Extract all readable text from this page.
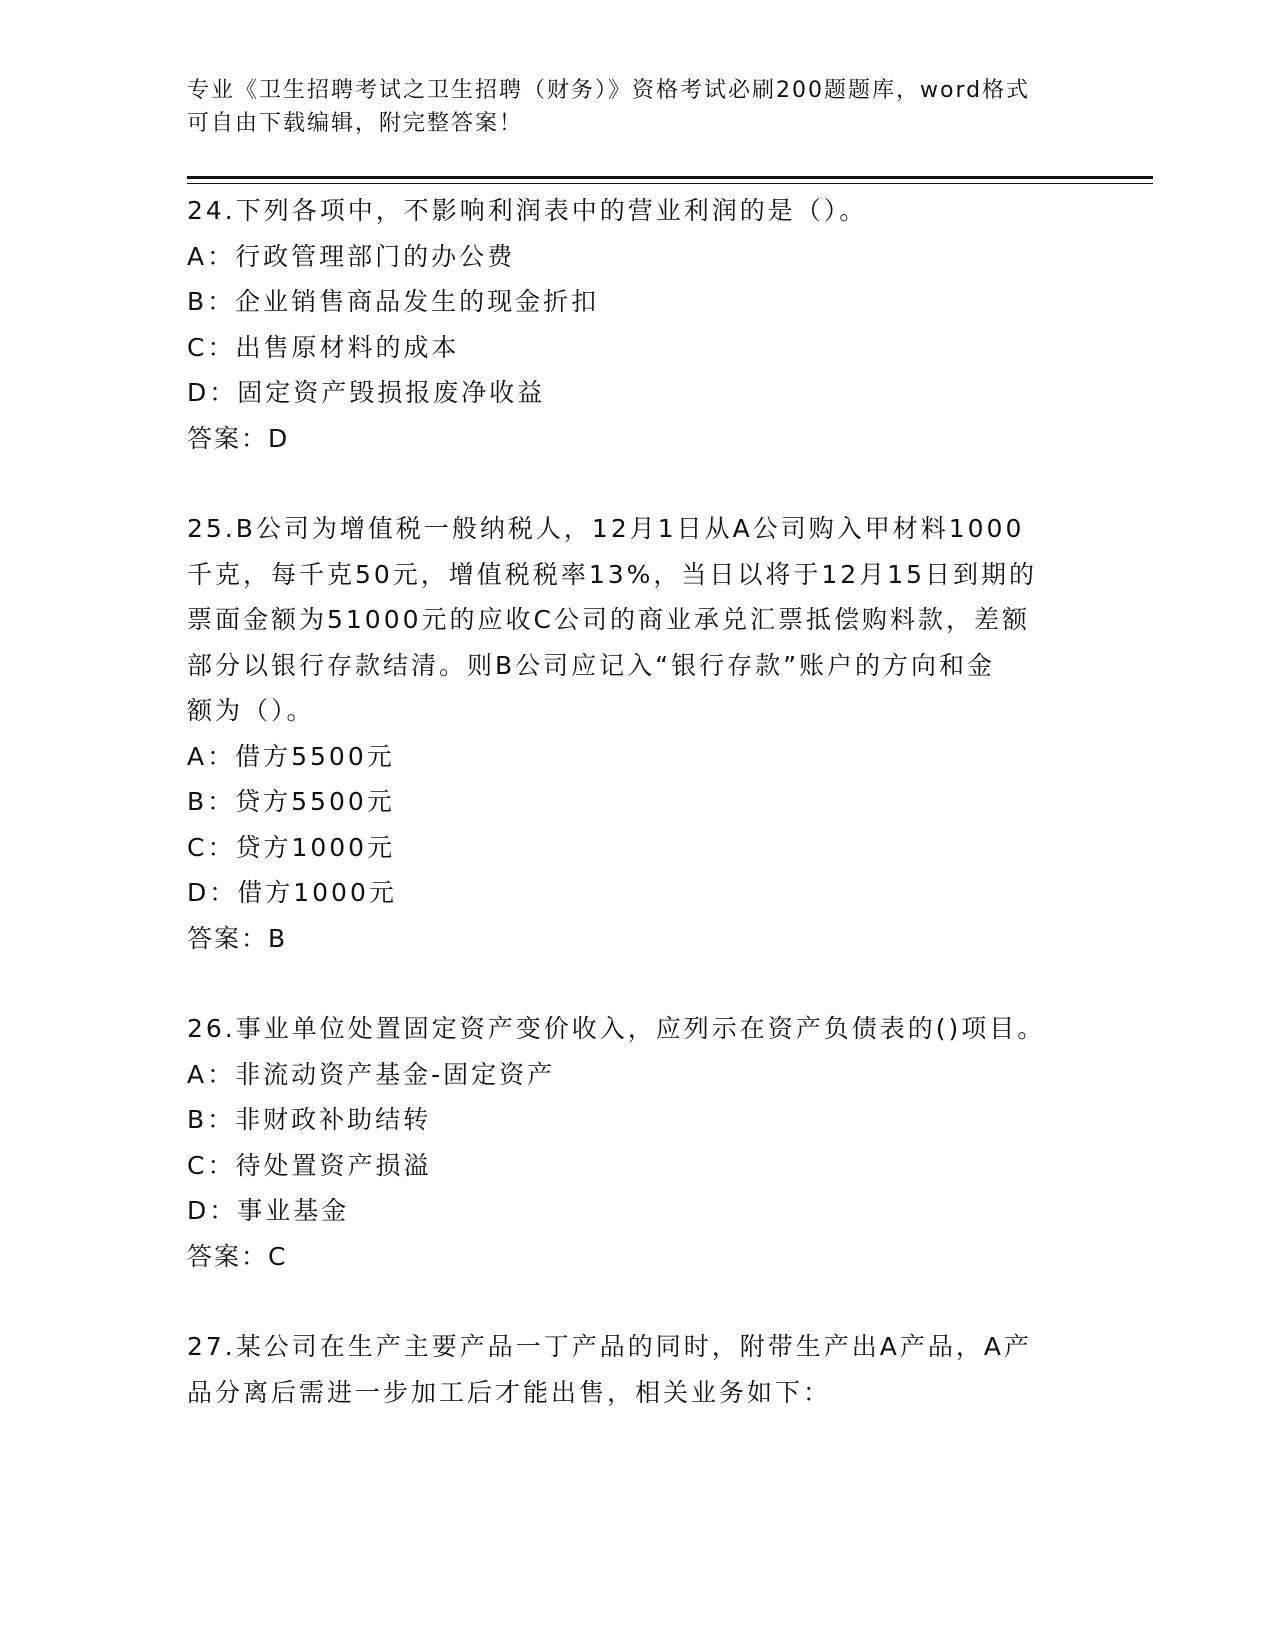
专业《卫生招聘考试之卫生招聘（财务）》资格考试必刷200题题库，word格式
可自由下载编辑，附完整答案！
24.下列各项中，不影响利润表中的营业利润的是（）。
A：行政管理部门的办公费
B：企业销售商品发生的现金折扣
C：出售原材料的成本
D：固定资产毁损报废净收益
答案：D
25.B公司为增值税一般纳税人，12月1日从A公司购入甲材料1000
千克，每千克50元，增值税税率13%，当日以将于12月15日到期的
票面金额为51000元的应收C公司的商业承兑汇票抵偿购料款，差额
部分以银行存款结清。则B公司应记入“银行存款”账户的方向和金
额为（）。
A：借方5500元
B：贷方5500元
C：贷方1000元
D：借方1000元
答案：B
26.事业单位处置固定资产变价收入，应列示在资产负债表的()项目。
A：非流动资产基金-固定资产
B：非财政补助结转
C：待处置资产损溢
D：事业基金
答案：C
27.某公司在生产主要产品一丁产品的同时，附带生产出A产品，A产
品分离后需进一步加工后才能出售，相关业务如下：
